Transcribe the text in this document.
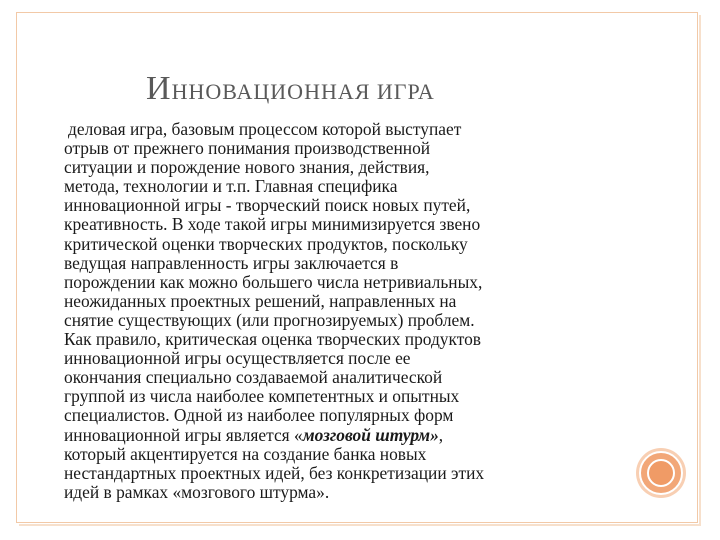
ИННОВАЦИОННАЯ ИГРА
деловая игра, базовым процессом которой выступает
отрыв от прежнего понимания производственной
ситуации и порождение нового знания, действия,
метода, технологии и т.п. Главная специфика
инновационной игры - творческий поиск новых путей,
креативность. В ходе такой игры минимизируется звено
критической оценки творческих продуктов, поскольку
ведущая направленность игры заключается в
порождении как можно большего числа нетривиальных,
неожиданных проектных решений, направленных на
снятие существующих (или прогнозируемых) проблем.
Как правило, критическая оценка творческих продуктов
инновационной игры осуществляется после ее
окончания специально создаваемой аналитической
группой из числа наиболее компетентных и опытных
специалистов. Одной из наиболее популярных форм
инновационной игры является «мозговой штурм»,
который акцентируется на создание банка новых
нестандартных проектных идей, без конкретизации этих
идей в рамках «мозгового штурма».
